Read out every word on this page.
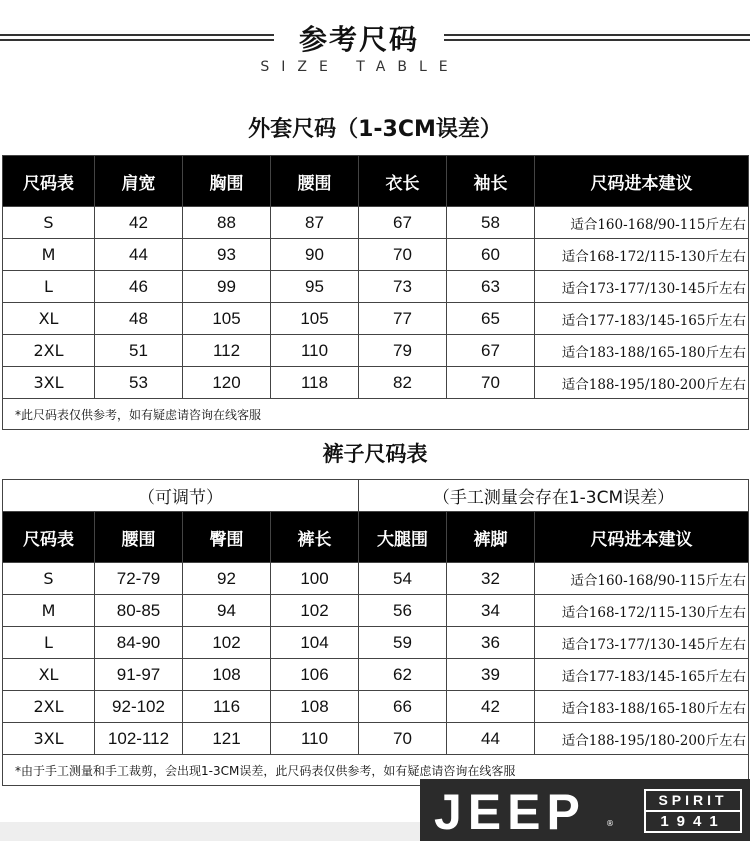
参考尺码
SIZE TABLE
外套尺码（1-3CM误差）
尺码表	肩宽	胸围	腰围	衣长	袖长	尺码进本建议
S	42	88	87	67	58	适合160-168/90-115斤左右
M	44	93	90	70	60	适合168-172/115-130斤左右
L	46	99	95	73	63	适合173-177/130-145斤左右
XL	48	105	105	77	65	适合177-183/145-165斤左右
2XL	51	112	110	79	67	适合183-188/165-180斤左右
3XL	53	120	118	82	70	适合188-195/180-200斤左右
*此尺码表仅供参考，如有疑虑请咨询在线客服						
裤子尺码表
（可调节）				（手工测量会存在1-3CM误差）		
尺码表	腰围	臀围	裤长	大腿围	裤脚	尺码进本建议
S	72-79	92	100	54	32	适合160-168/90-115斤左右
M	80-85	94	102	56	34	适合168-172/115-130斤左右
L	84-90	102	104	59	36	适合173-177/130-145斤左右
XL	91-97	108	106	62	39	适合177-183/145-165斤左右
2XL	92-102	116	108	66	42	适合183-188/165-180斤左右
3XL	102-112	121	110	70	44	适合188-195/180-200斤左右
*由于手工测量和手工裁剪，会出现1-3CM误差，此尺码表仅供参考，如有疑虑请咨询在线客服						
JEEP	®
SPIRIT
1941
